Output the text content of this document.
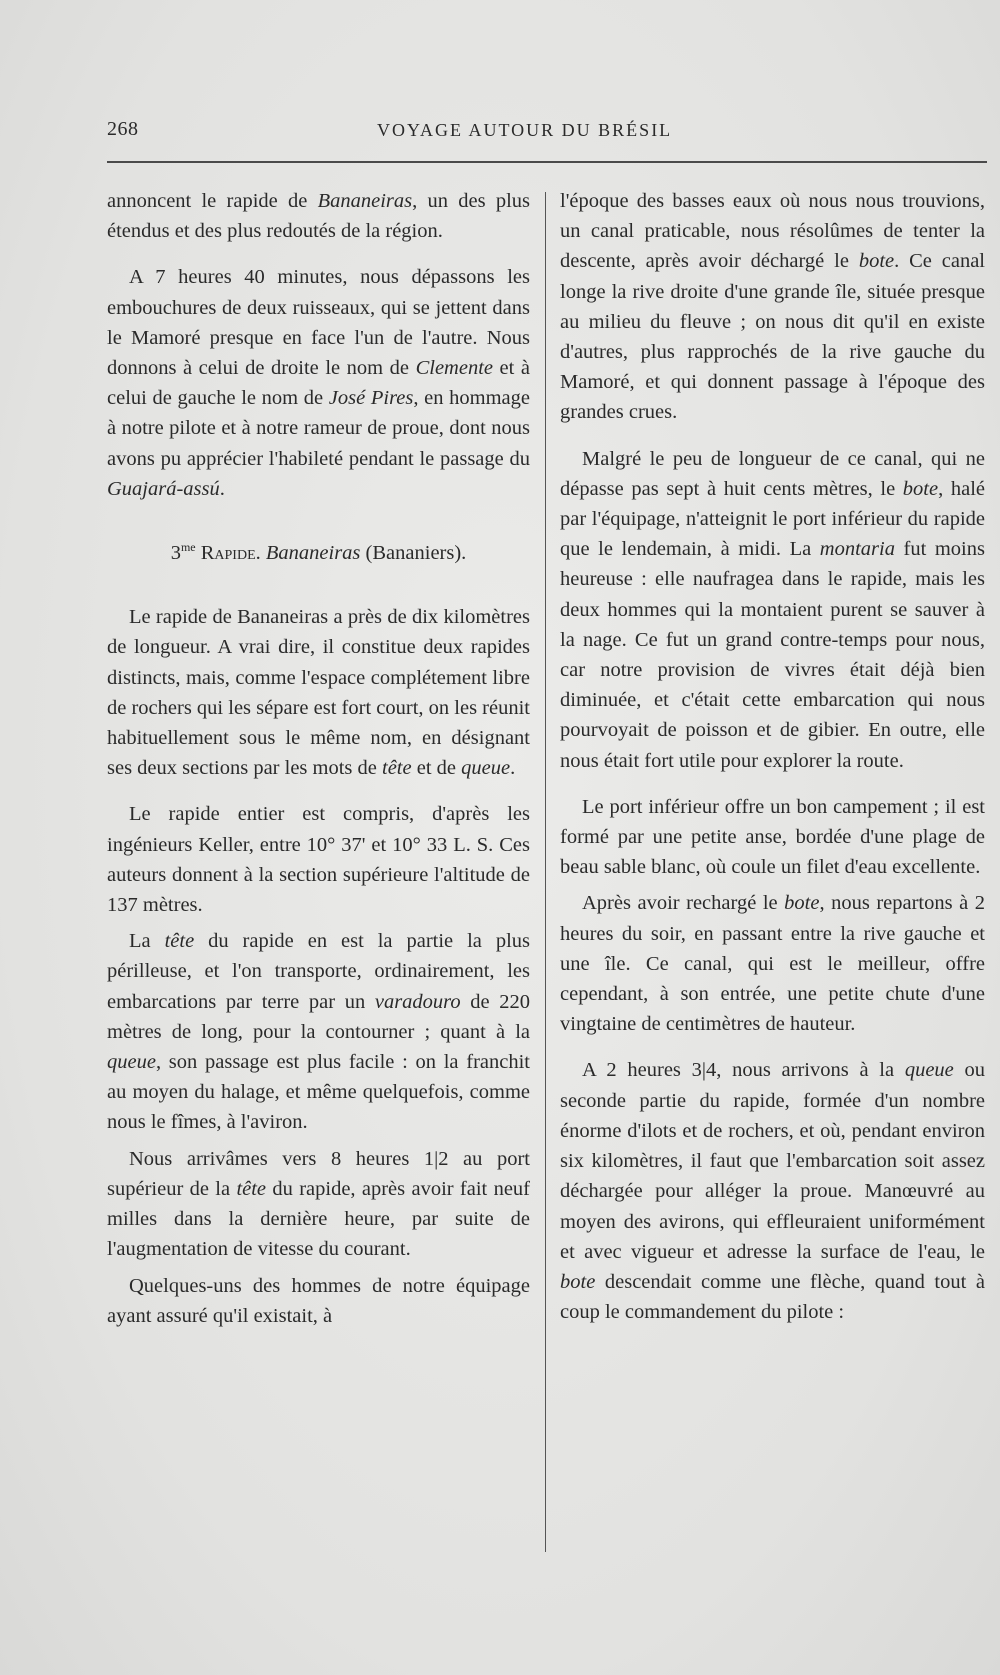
268	VOYAGE AUTOUR DU BRÉSIL

annoncent le rapide de Bananeiras, un des plus étendus et des plus redoutés de la région.

A 7 heures 40 minutes, nous dépassons les embouchures de deux ruisseaux, qui se jettent dans le Mamoré presque en face l'un de l'autre. Nous donnons à celui de droite le nom de Clemente et à celui de gauche le nom de José Pires, en hommage à notre pilote et à notre rameur de proue, dont nous avons pu apprécier l'habileté pendant le passage du Guajará-assú.

$3^{me}$ Rapide. Bananeiras (Bananiers).

Le rapide de Bananeiras a près de dix kilomètres de longueur. A vrai dire, il constitue deux rapides distincts, mais, comme l'espace complétement libre de rochers qui les sépare est fort court, on les réunit habituellement sous le même nom, en désignant ses deux sections par les mots de tête et de queue.

Le rapide entier est compris, d'après les ingénieurs Keller, entre 10° 37' et 10° 33 L. S. Ces auteurs donnent à la section supérieure l'altitude de 137 mètres.

La tête du rapide en est la partie la plus périlleuse, et l'on transporte, ordinairement, les embarcations par terre par un varadouro de 220 mètres de long, pour la contourner ; quant à la queue, son passage est plus facile : on la franchit au moyen du halage, et même quelquefois, comme nous le fîmes, à l'aviron.

Nous arrivâmes vers 8 heures 1|2 au port supérieur de la tête du rapide, après avoir fait neuf milles dans la dernière heure, par suite de l'augmentation de vitesse du courant.

Quelques-uns des hommes de notre équipage ayant assuré qu'il existait, à

l'époque des basses eaux où nous nous trouvions, un canal praticable, nous résolûmes de tenter la descente, après avoir déchargé le bote. Ce canal longe la rive droite d'une grande île, située presque au milieu du fleuve ; on nous dit qu'il en existe d'autres, plus rapprochés de la rive gauche du Mamoré, et qui donnent passage à l'époque des grandes crues.

Malgré le peu de longueur de ce canal, qui ne dépasse pas sept à huit cents mètres, le bote, halé par l'équipage, n'atteignit le port inférieur du rapide que le lendemain, à midi. La montaria fut moins heureuse : elle naufragea dans le rapide, mais les deux hommes qui la montaient purent se sauver à la nage. Ce fut un grand contre-temps pour nous, car notre provision de vivres était déjà bien diminuée, et c'était cette embarcation qui nous pourvoyait de poisson et de gibier. En outre, elle nous était fort utile pour explorer la route.

Le port inférieur offre un bon campement ; il est formé par une petite anse, bordée d'une plage de beau sable blanc, où coule un filet d'eau excellente.

Après avoir rechargé le bote, nous repartons à 2 heures du soir, en passant entre la rive gauche et une île. Ce canal, qui est le meilleur, offre cependant, à son entrée, une petite chute d'une vingtaine de centimètres de hauteur.

A 2 heures 3|4, nous arrivons à la queue ou seconde partie du rapide, formée d'un nombre énorme d'ilots et de rochers, et où, pendant environ six kilomètres, il faut que l'embarcation soit assez déchargée pour alléger la proue. Manœuvré au moyen des avirons, qui effleuraient uniformément et avec vigueur et adresse la surface de l'eau, le bote descendait comme une flèche, quand tout à coup le commandement du pilote :
